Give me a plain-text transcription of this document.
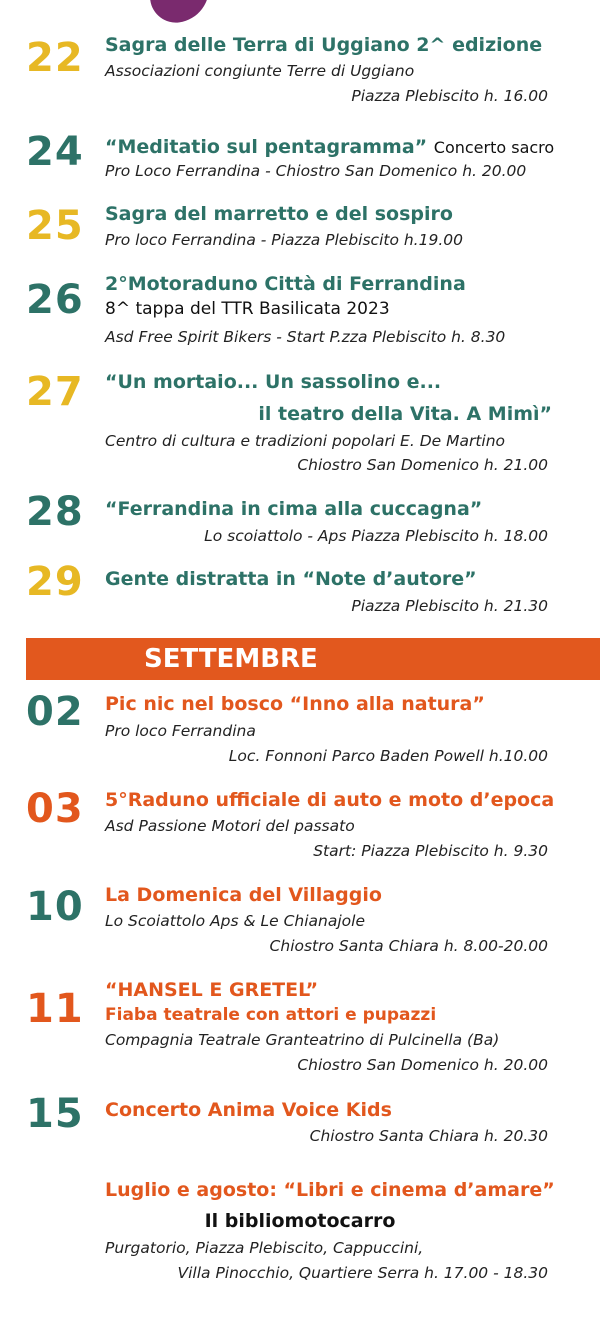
22 Sagra delle Terra di Uggiano 2^ edizione
Associazioni congiunte Terre di Uggiano
Piazza Plebiscito h. 16.00
24 “Meditatio sul pentagramma” Concerto sacro
Pro Loco Ferrandina - Chiostro San Domenico h. 20.00
25 Sagra del marretto e del sospiro
Pro loco Ferrandina - Piazza Plebiscito h.19.00
26 2°Motoraduno Città di Ferrandina
8^ tappa del TTR Basilicata 2023
Asd Free Spirit Bikers - Start P.zza Plebiscito h. 8.30
27 “Un mortaio... Un sassolino e...
il teatro della Vita. A Mimì”
Centro di cultura e tradizioni popolari E. De Martino
Chiostro San Domenico h. 21.00
28 “Ferrandina in cima alla cuccagna”
Lo scoiattolo - Aps Piazza Plebiscito h. 18.00
29 Gente distratta in “Note d’autore”
Piazza Plebiscito h. 21.30
SETTEMBRE
02 Pic nic nel bosco “Inno alla natura”
Pro loco Ferrandina
Loc. Fonnoni Parco Baden Powell h.10.00
03 5°Raduno ufficiale di auto e moto d’epoca
Asd Passione Motori del passato
Start: Piazza Plebiscito h. 9.30
10 La Domenica del Villaggio
Lo Scoiattolo Aps & Le Chianajole
Chiostro Santa Chiara h. 8.00-20.00
11 “HANSEL E GRETEL”
Fiaba teatrale con attori e pupazzi
Compagnia Teatrale Granteatrino di Pulcinella (Ba)
Chiostro San Domenico h. 20.00
15 Concerto Anima Voice Kids
Chiostro Santa Chiara h. 20.30
Luglio e agosto: “Libri e cinema d’amare”
Il bibliomotocarro
Purgatorio, Piazza Plebiscito, Cappuccini,
Villa Pinocchio, Quartiere Serra h. 17.00 - 18.30
